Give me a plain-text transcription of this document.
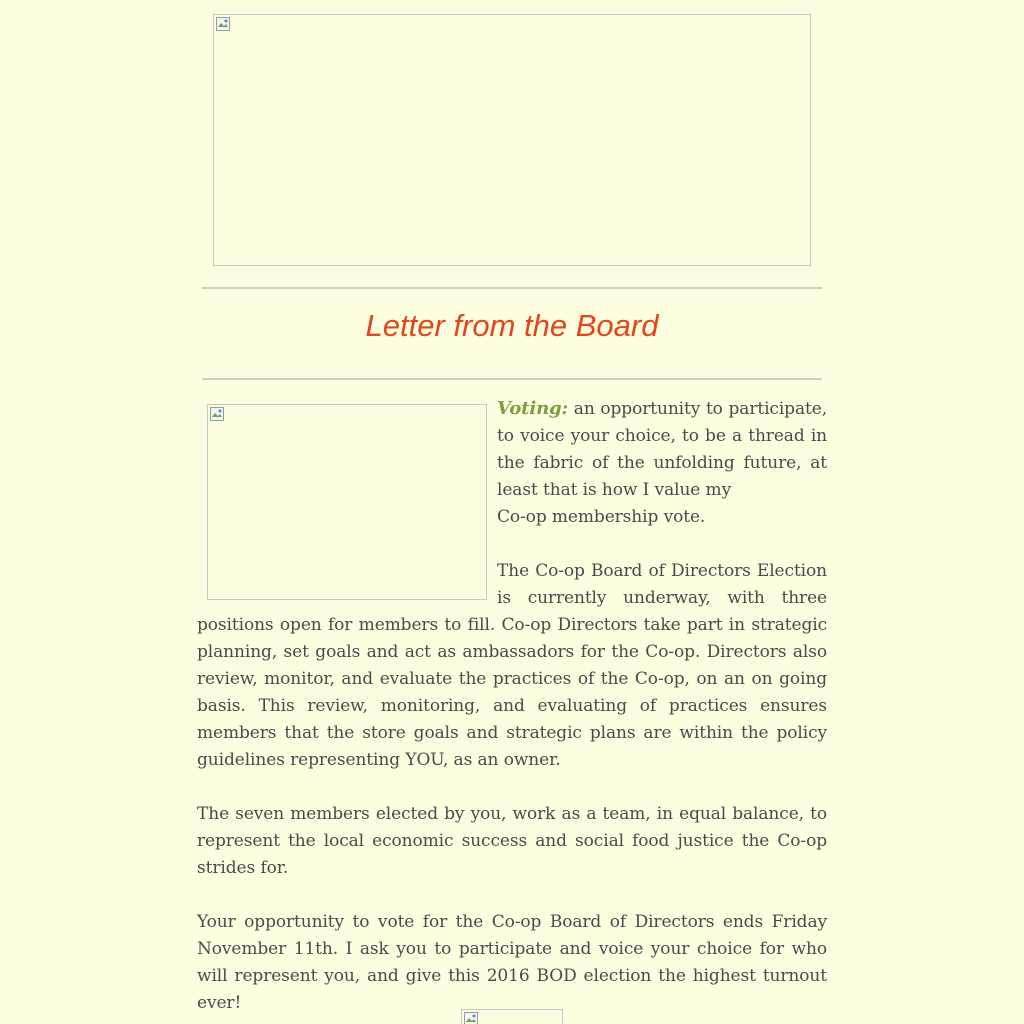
Letter from the Board

Voting: an opportunity to participate, to voice your choice, to be a thread in the fabric of the unfolding future, at least that is how I value my
Co-op membership vote.

The Co-op Board of Directors Election is currently underway, with three positions open for members to fill. Co-op Directors take part in strategic planning, set goals and act as ambassadors for the Co-op. Directors also review, monitor, and evaluate the practices of the Co-op, on an on going basis. This review, monitoring, and evaluating of practices ensures members that the store goals and strategic plans are within the policy guidelines representing YOU, as an owner.

The seven members elected by you, work as a team, in equal balance, to represent the local economic success and social food justice the Co-op strides for.

Your opportunity to vote for the Co-op Board of Directors ends Friday November 11th. I ask you to participate and voice your choice for who will represent you, and give this 2016 BOD election the highest turnout ever!
